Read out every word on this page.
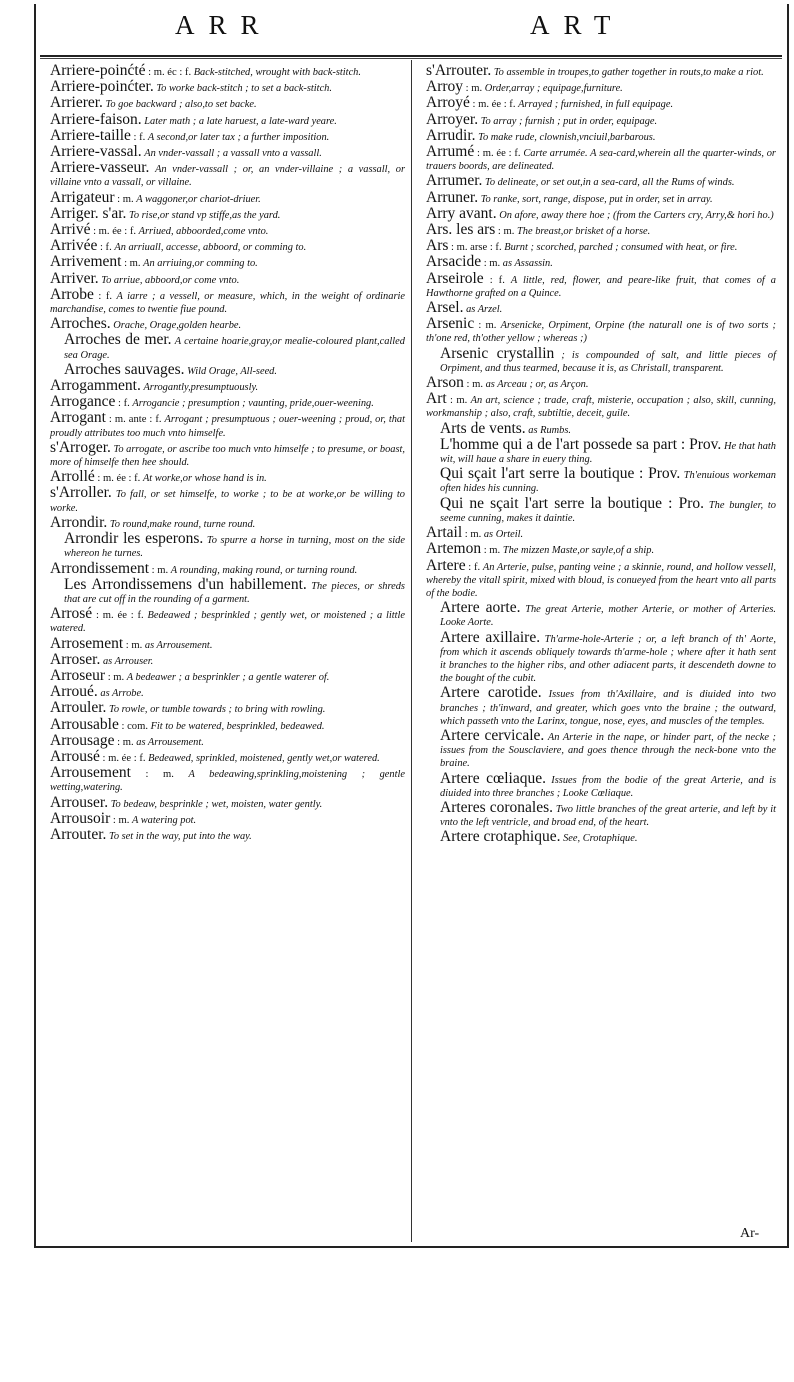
ARR	ART

Arriere-poinćté : m. éc : f. Back-stitched, wrought with back-stitch.

Arriere-poinćter. To worke back-stitch ; to set a back-stitch.

Arrierer. To goe backward ; also,to set backe.

Arriere-faison. Later math ; a late haruest, a late-ward yeare.

Arriere-taille : f. A second,or later tax ; a further imposition.

Arriere-vassal. An vnder-vassall ; a vassall vnto a vassall.

Arriere-vasseur. An vnder-vassall ; or, an vnder-villaine ; a vassall, or villaine vnto a vassall, or villaine.

Arrigateur : m. A waggoner,or chariot-driuer.

Arriger. s'ar. To rise,or stand vp stiffe,as the yard.

Arrivé : m. ée : f. Arriued, abboorded,come vnto.

Arrivée : f. An arriuall, accesse, abboord, or comming to.

Arrivement : m. An arriuing,or comming to.

Arriver. To arriue, abboord,or come vnto.

Arrobe : f. A iarre ; a vessell, or measure, which, in the weight of ordinarie marchandise, comes to twentie fiue pound.

Arroches. Orache, Orage,golden hearbe.

Arroches de mer. A certaine hoarie,gray,or mealie-coloured plant,called sea Orage.

Arroches sauvages. Wild Orage, All-seed.

Arrogamment. Arrogantly,presumptuously.

Arrogance : f. Arrogancie ; presumption ; vaunting, pride,ouer-weening.

Arrogant : m. ante : f. Arrogant ; presumptuous ; ouer-weening ; proud, or, that proudly attributes too much vnto himselfe.

s'Arroger. To arrogate, or ascribe too much vnto himselfe ; to presume, or boast, more of himselfe then hee should.

Arrollé : m. ée : f. At worke,or whose hand is in.

s'Arroller. To fall, or set himselfe, to worke ; to be at worke,or be willing to worke.

Arrondir. To round,make round, turne round.

Arrondir les esperons. To spurre a horse in turning, most on the side whereon he turnes.

Arrondissement : m. A rounding, making round, or turning round.

Les Arrondissemens d'un habillement. The pieces, or shreds that are cut off in the rounding of a garment.

Arrosé : m. ée : f. Bedeawed ; besprinkled ; gently wet, or moistened ; a little watered.

Arrosement : m. as Arrousement.

Arroser. as Arrouser.

Arroseur : m. A bedeawer ; a besprinkler ; a gentle waterer of.

Arroué. as Arrobe.

Arrouler. To rowle, or tumble towards ; to bring with rowling.

Arrousable : com. Fit to be watered, besprinkled, bedeawed.

Arrousage : m. as Arrousement.

Arrousé : m. ée : f. Bedeawed, sprinkled, moistened, gently wet,or watered.

Arrousement : m. A bedeawing,sprinkling,moistening ; gentle wetting,watering.

Arrouser. To bedeaw, besprinkle ; wet, moisten, water gently.

Arrousoir : m. A watering pot.

Arrouter. To set in the way, put into the way.

s'Arrouter. To assemble in troupes,to gather together in routs,to make a riot.

Arroy : m. Order,array ; equipage,furniture.

Arroyé : m. ée : f. Arrayed ; furnished, in full equipage.

Arroyer. To array ; furnish ; put in order, equipage.

Arrudir. To make rude, clownish,vnciuil,barbarous.

Arrumé : m. ée : f. Carte arrumée. A sea-card,wherein all the quarter-winds, or trauers boords, are delineated.

Arrumer. To delineate, or set out,in a sea-card, all the Rums of winds.

Arruner. To ranke, sort, range, dispose, put in order, set in array.

Arry avant. On afore, away there hoe ; (from the Carters cry, Arry,& hori ho.)

Ars. les ars : m. The breast,or brisket of a horse.

Ars : m. arse : f. Burnt ; scorched, parched ; consumed with heat, or fire.

Arsacide : m. as Assassin.

Arseirole : f. A little, red, flower, and peare-like fruit, that comes of a Hawthorne grafted on a Quince.

Arsel. as Arzel.

Arsenic : m. Arsenicke, Orpiment, Orpine (the naturall one is of two sorts ; th'one red, th'other yellow ; whereas ;)

Arsenic crystallin ; is compounded of salt, and little pieces of Orpiment, and thus tearmed, because it is, as Christall, transparent.

Arson : m. as Arceau ; or, as Arçon.

Art : m. An art, science ; trade, craft, misterie, occupation ; also, skill, cunning, workmanship ; also, craft, subtiltie, deceit, guile.

Arts de vents. as Rumbs.

L'homme qui a de l'art possede sa part : Prov. He that hath wit, will haue a share in euery thing.

Qui sçait l'art serre la boutique : Prov. Th'enuious workeman often hides his cunning.

Qui ne sçait l'art serre la boutique : Pro. The bungler, to seeme cunning, makes it daintie.

Artail : m. as Orteil.

Artemon : m. The mizzen Maste,or sayle,of a ship.

Artere : f. An Arterie, pulse, panting veine ; a skinnie, round, and hollow vessell, whereby the vitall spirit, mixed with bloud, is conueyed from the heart vnto all parts of the bodie.

Artere aorte. The great Arterie, mother Arterie, or mother of Arteries. Looke Aorte.

Artere axillaire. Th'arme-hole-Arterie ; or, a left branch of th' Aorte, from which it ascends obliquely towards th'arme-hole ; where after it hath sent it branches to the higher ribs, and other adiacent parts, it descendeth downe to the bought of the cubit.

Artere carotide. Issues from th'Axillaire, and is diuided into two branches ; th'inward, and greater, which goes vnto the braine ; the outward, which passeth vnto the Larinx, tongue, nose, eyes, and muscles of the temples.

Artere cervicale. An Arterie in the nape, or hinder part, of the necke ; issues from the Sousclaviere, and goes thence through the neck-bone vnto the braine.

Artere cœliaque. Issues from the bodie of the great Arterie, and is diuided into three branches ; Looke Cœliaque.

Arteres coronales. Two little branches of the great arterie, and left by it vnto the left ventricle, and broad end, of the heart.

Artere crotaphique. See, Crotaphique.

Ar-
